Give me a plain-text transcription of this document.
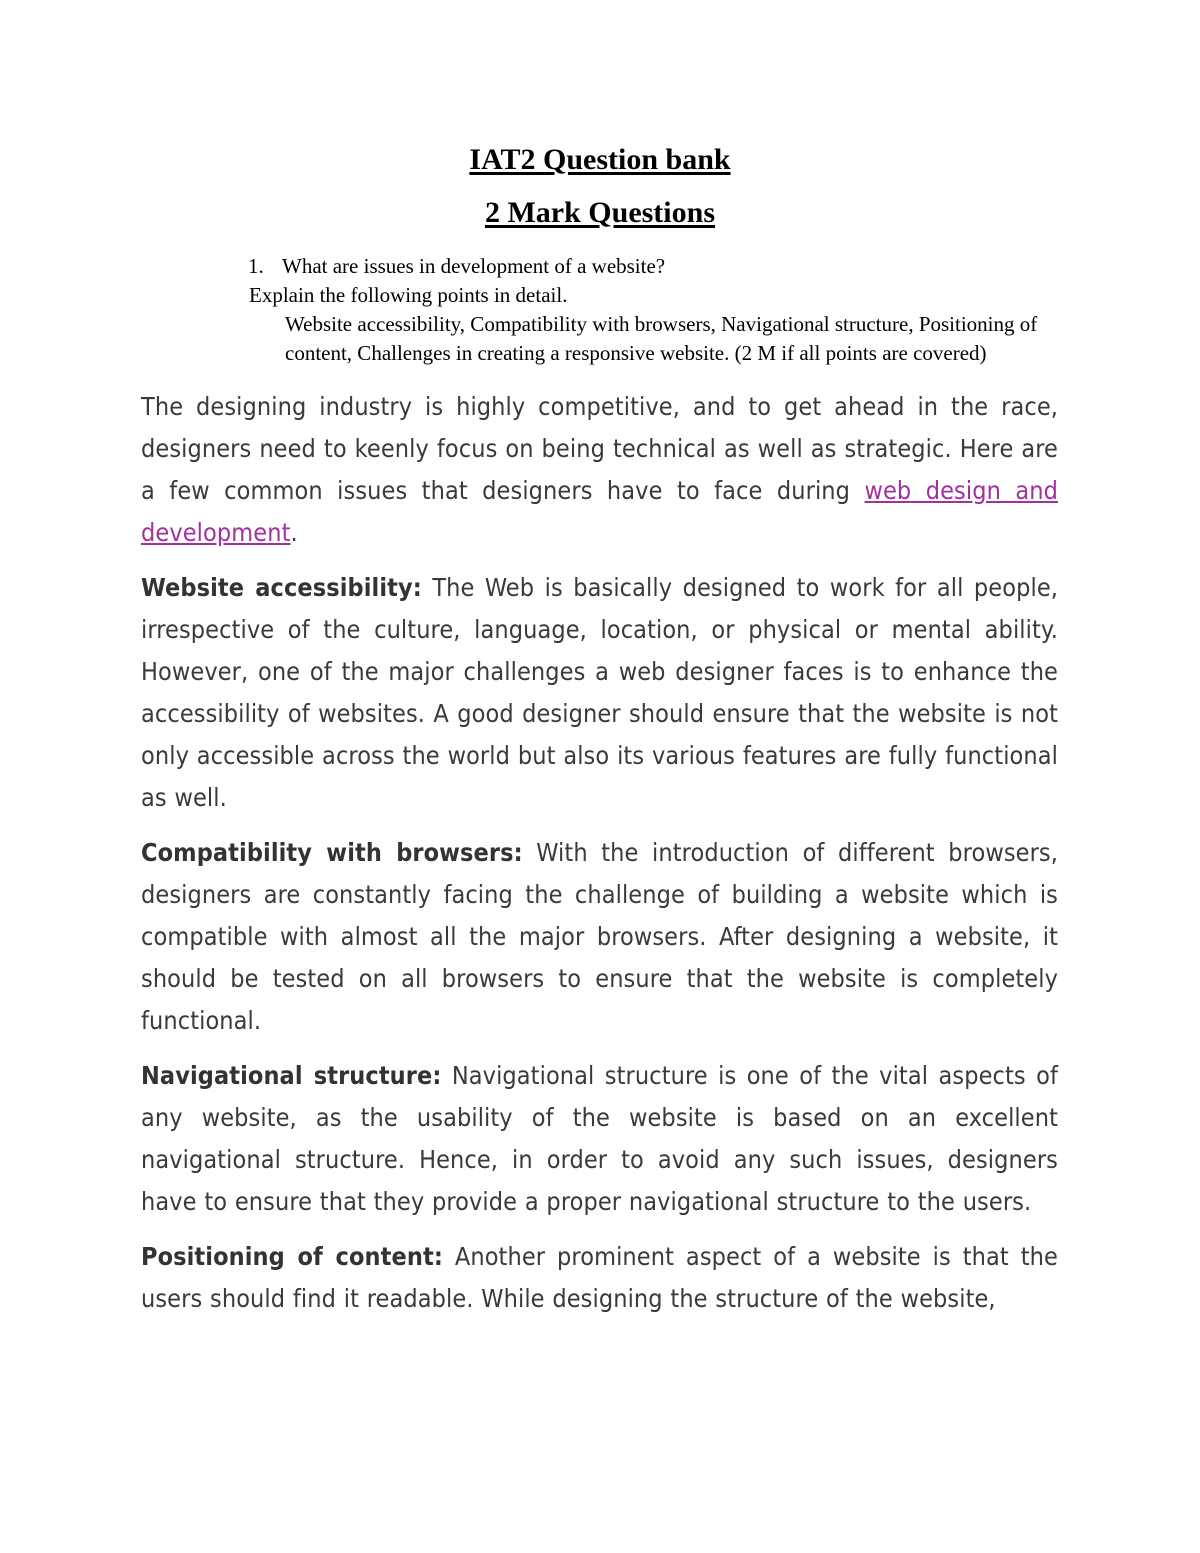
IAT2 Question bank
2 Mark Questions
1. What are issues in development of a website?
Explain the following points in detail.
Website accessibility, Compatibility with browsers, Navigational structure, Positioning of content, Challenges in creating a responsive website. (2 M if all points are covered)

The designing industry is highly competitive, and to get ahead in the race, designers need to keenly focus on being technical as well as strategic. Here are a few common issues that designers have to face during web design and development.

Website accessibility: The Web is basically designed to work for all people, irrespective of the culture, language, location, or physical or mental ability. However, one of the major challenges a web designer faces is to enhance the accessibility of websites. A good designer should ensure that the website is not only accessible across the world but also its various features are fully functional as well.

Compatibility with browsers: With the introduction of different browsers, designers are constantly facing the challenge of building a website which is compatible with almost all the major browsers. After designing a website, it should be tested on all browsers to ensure that the website is completely functional.

Navigational structure: Navigational structure is one of the vital aspects of any website, as the usability of the website is based on an excellent navigational structure. Hence, in order to avoid any such issues, designers have to ensure that they provide a proper navigational structure to the users.

Positioning of content: Another prominent aspect of a website is that the users should find it readable. While designing the structure of the website,
